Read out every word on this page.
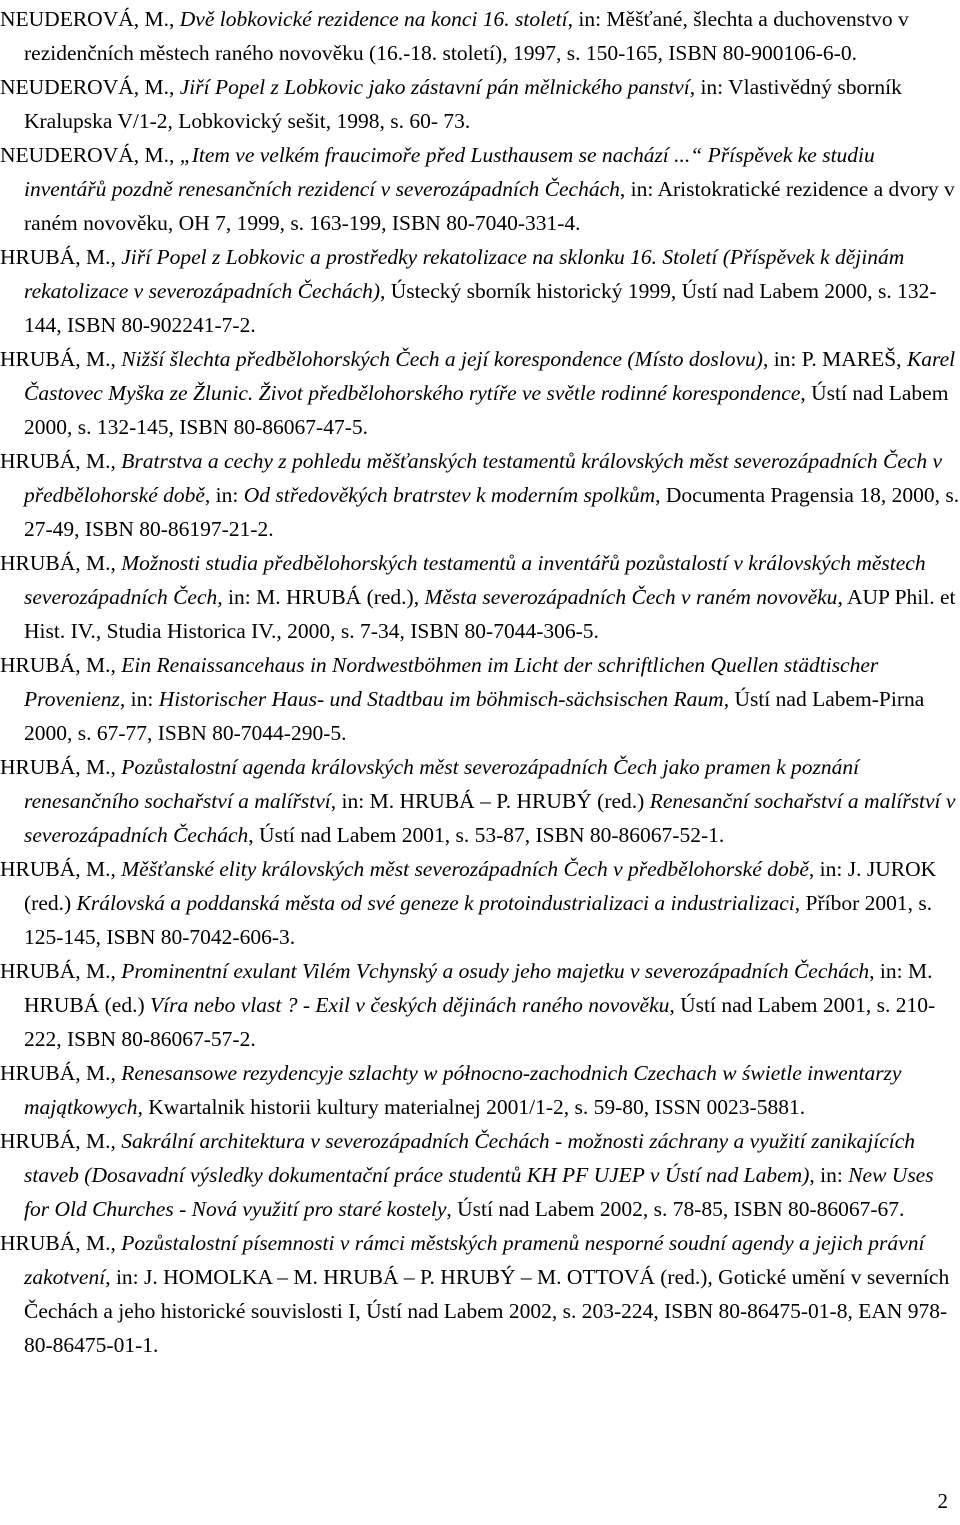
NEUDEROVÁ, M., Dvě lobkovické rezidence na konci 16. století, in: Měšťané, šlechta a duchovenstvo v rezidenčních městech raného novověku (16.-18. století), 1997, s. 150-165, ISBN 80-900106-6-0.

NEUDEROVÁ, M., Jiří Popel z Lobkovic jako zástavní pán mělnického panství, in: Vlastivědný sborník Kralupska V/1-2, Lobkovický sešit, 1998, s. 60- 73.

NEUDEROVÁ, M., „Item ve velkém fraucimoře před Lusthausem se nachází ...“ Příspěvek ke studiu inventářů pozdně renesančních rezidencí v severozápadních Čechách, in: Aristokratické rezidence a dvory v raném novověku, OH 7, 1999, s. 163-199, ISBN 80-7040-331-4.

HRUBÁ, M., Jiří Popel z Lobkovic a prostředky rekatolizace na sklonku 16. Století (Příspěvek k dějinám rekatolizace v severozápadních Čechách), Ústecký sborník historický 1999, Ústí nad Labem 2000, s. 132-144, ISBN 80-902241-7-2.

HRUBÁ, M., Nižší šlechta předbělohorských Čech a její korespondence (Místo doslovu), in: P. MAREŠ, Karel Častovec Myška ze Žlunic. Život předbělohorského rytíře ve světle rodinné korespondence, Ústí nad Labem 2000, s. 132-145, ISBN 80-86067-47-5.

HRUBÁ, M., Bratrstva a cechy z pohledu měšťanských testamentů královských měst severozápadních Čech v předbělohorské době, in: Od středověkých bratrstev k moderním spolkům, Documenta Pragensia 18, 2000, s. 27-49, ISBN 80-86197-21-2.

HRUBÁ, M., Možnosti studia předbělohorských testamentů a inventářů pozůstalostí v královských městech severozápadních Čech, in: M. HRUBÁ (red.), Města severozápadních Čech v raném novověku, AUP Phil. et Hist. IV., Studia Historica IV., 2000, s. 7-34, ISBN 80-7044-306-5.

HRUBÁ, M., Ein Renaissancehaus in Nordwestböhmen im Licht der schriftlichen Quellen städtischer Provenienz, in: Historischer Haus- und Stadtbau im böhmisch-sächsischen Raum, Ústí nad Labem-Pirna 2000, s. 67-77, ISBN 80-7044-290-5.

HRUBÁ, M., Pozůstalostní agenda královských měst severozápadních Čech jako pramen k poznání renesančního sochařství a malířství, in: M. HRUBÁ – P. HRUBÝ (red.) Renesanční sochařství a malířství v severozápadních Čechách, Ústí nad Labem 2001, s. 53-87, ISBN 80-86067-52-1.

HRUBÁ, M., Měšťanské elity královských měst severozápadních Čech v předbělohorské době, in: J. JUROK (red.) Královská a poddanská města od své geneze k protoindustrializaci a industrializaci, Příbor 2001, s. 125-145, ISBN 80-7042-606-3.

HRUBÁ, M., Prominentní exulant Vilém Vchynský a osudy jeho majetku v severozápadních Čechách, in: M. HRUBÁ (ed.) Víra nebo vlast ? - Exil v českých dějinách raného novověku, Ústí nad Labem 2001, s. 210-222, ISBN 80-86067-57-2.

HRUBÁ, M., Renesansowe rezydencyje szlachty w północno-zachodnich Czechach w świetle inwentarzy majątkowych, Kwartalnik historii kultury materialnej 2001/1-2, s. 59-80, ISSN 0023-5881.

HRUBÁ, M., Sakrální architektura v severozápadních Čechách - možnosti záchrany a využití zanikajících staveb (Dosavadní výsledky dokumentační práce studentů KH PF UJEP v Ústí nad Labem), in: New Uses for Old Churches - Nová využití pro staré kostely, Ústí nad Labem 2002, s. 78-85, ISBN 80-86067-67.

HRUBÁ, M., Pozůstalostní písemnosti v rámci městských pramenů nesporné soudní agendy a jejich právní zakotvení, in: J. HOMOLKA – M. HRUBÁ – P. HRUBÝ – M. OTTOVÁ (red.), Gotické umění v severních Čechách a jeho historické souvislosti I, Ústí nad Labem 2002, s. 203-224, ISBN 80-86475-01-8, EAN 978-80-86475-01-1.

2
